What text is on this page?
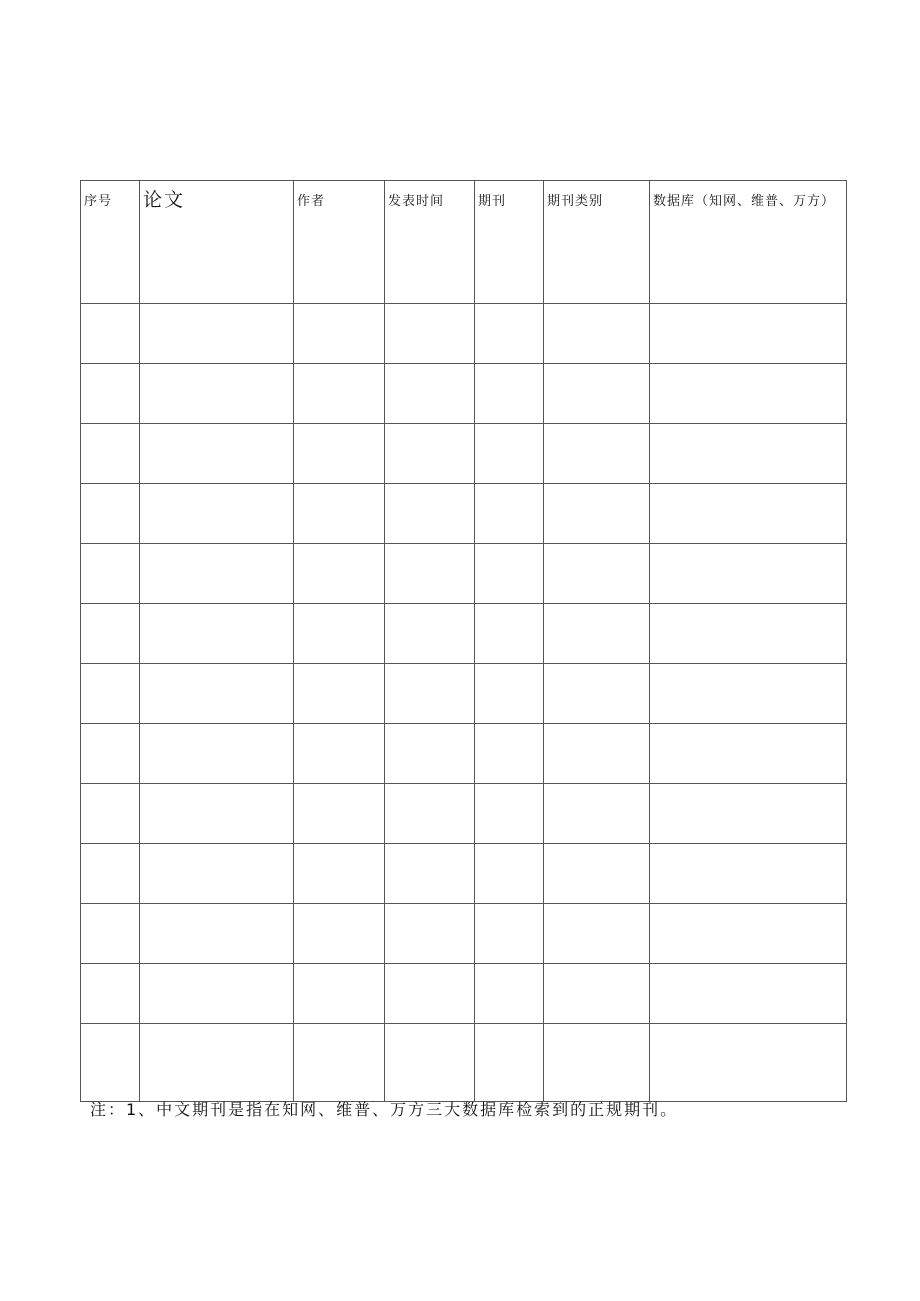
序号	论文	作者	发表时间	期刊	期刊类别	数据库（知网、维普、万方）

注：1、中文期刊是指在知网、维普、万方三大数据库检索到的正规期刊。
